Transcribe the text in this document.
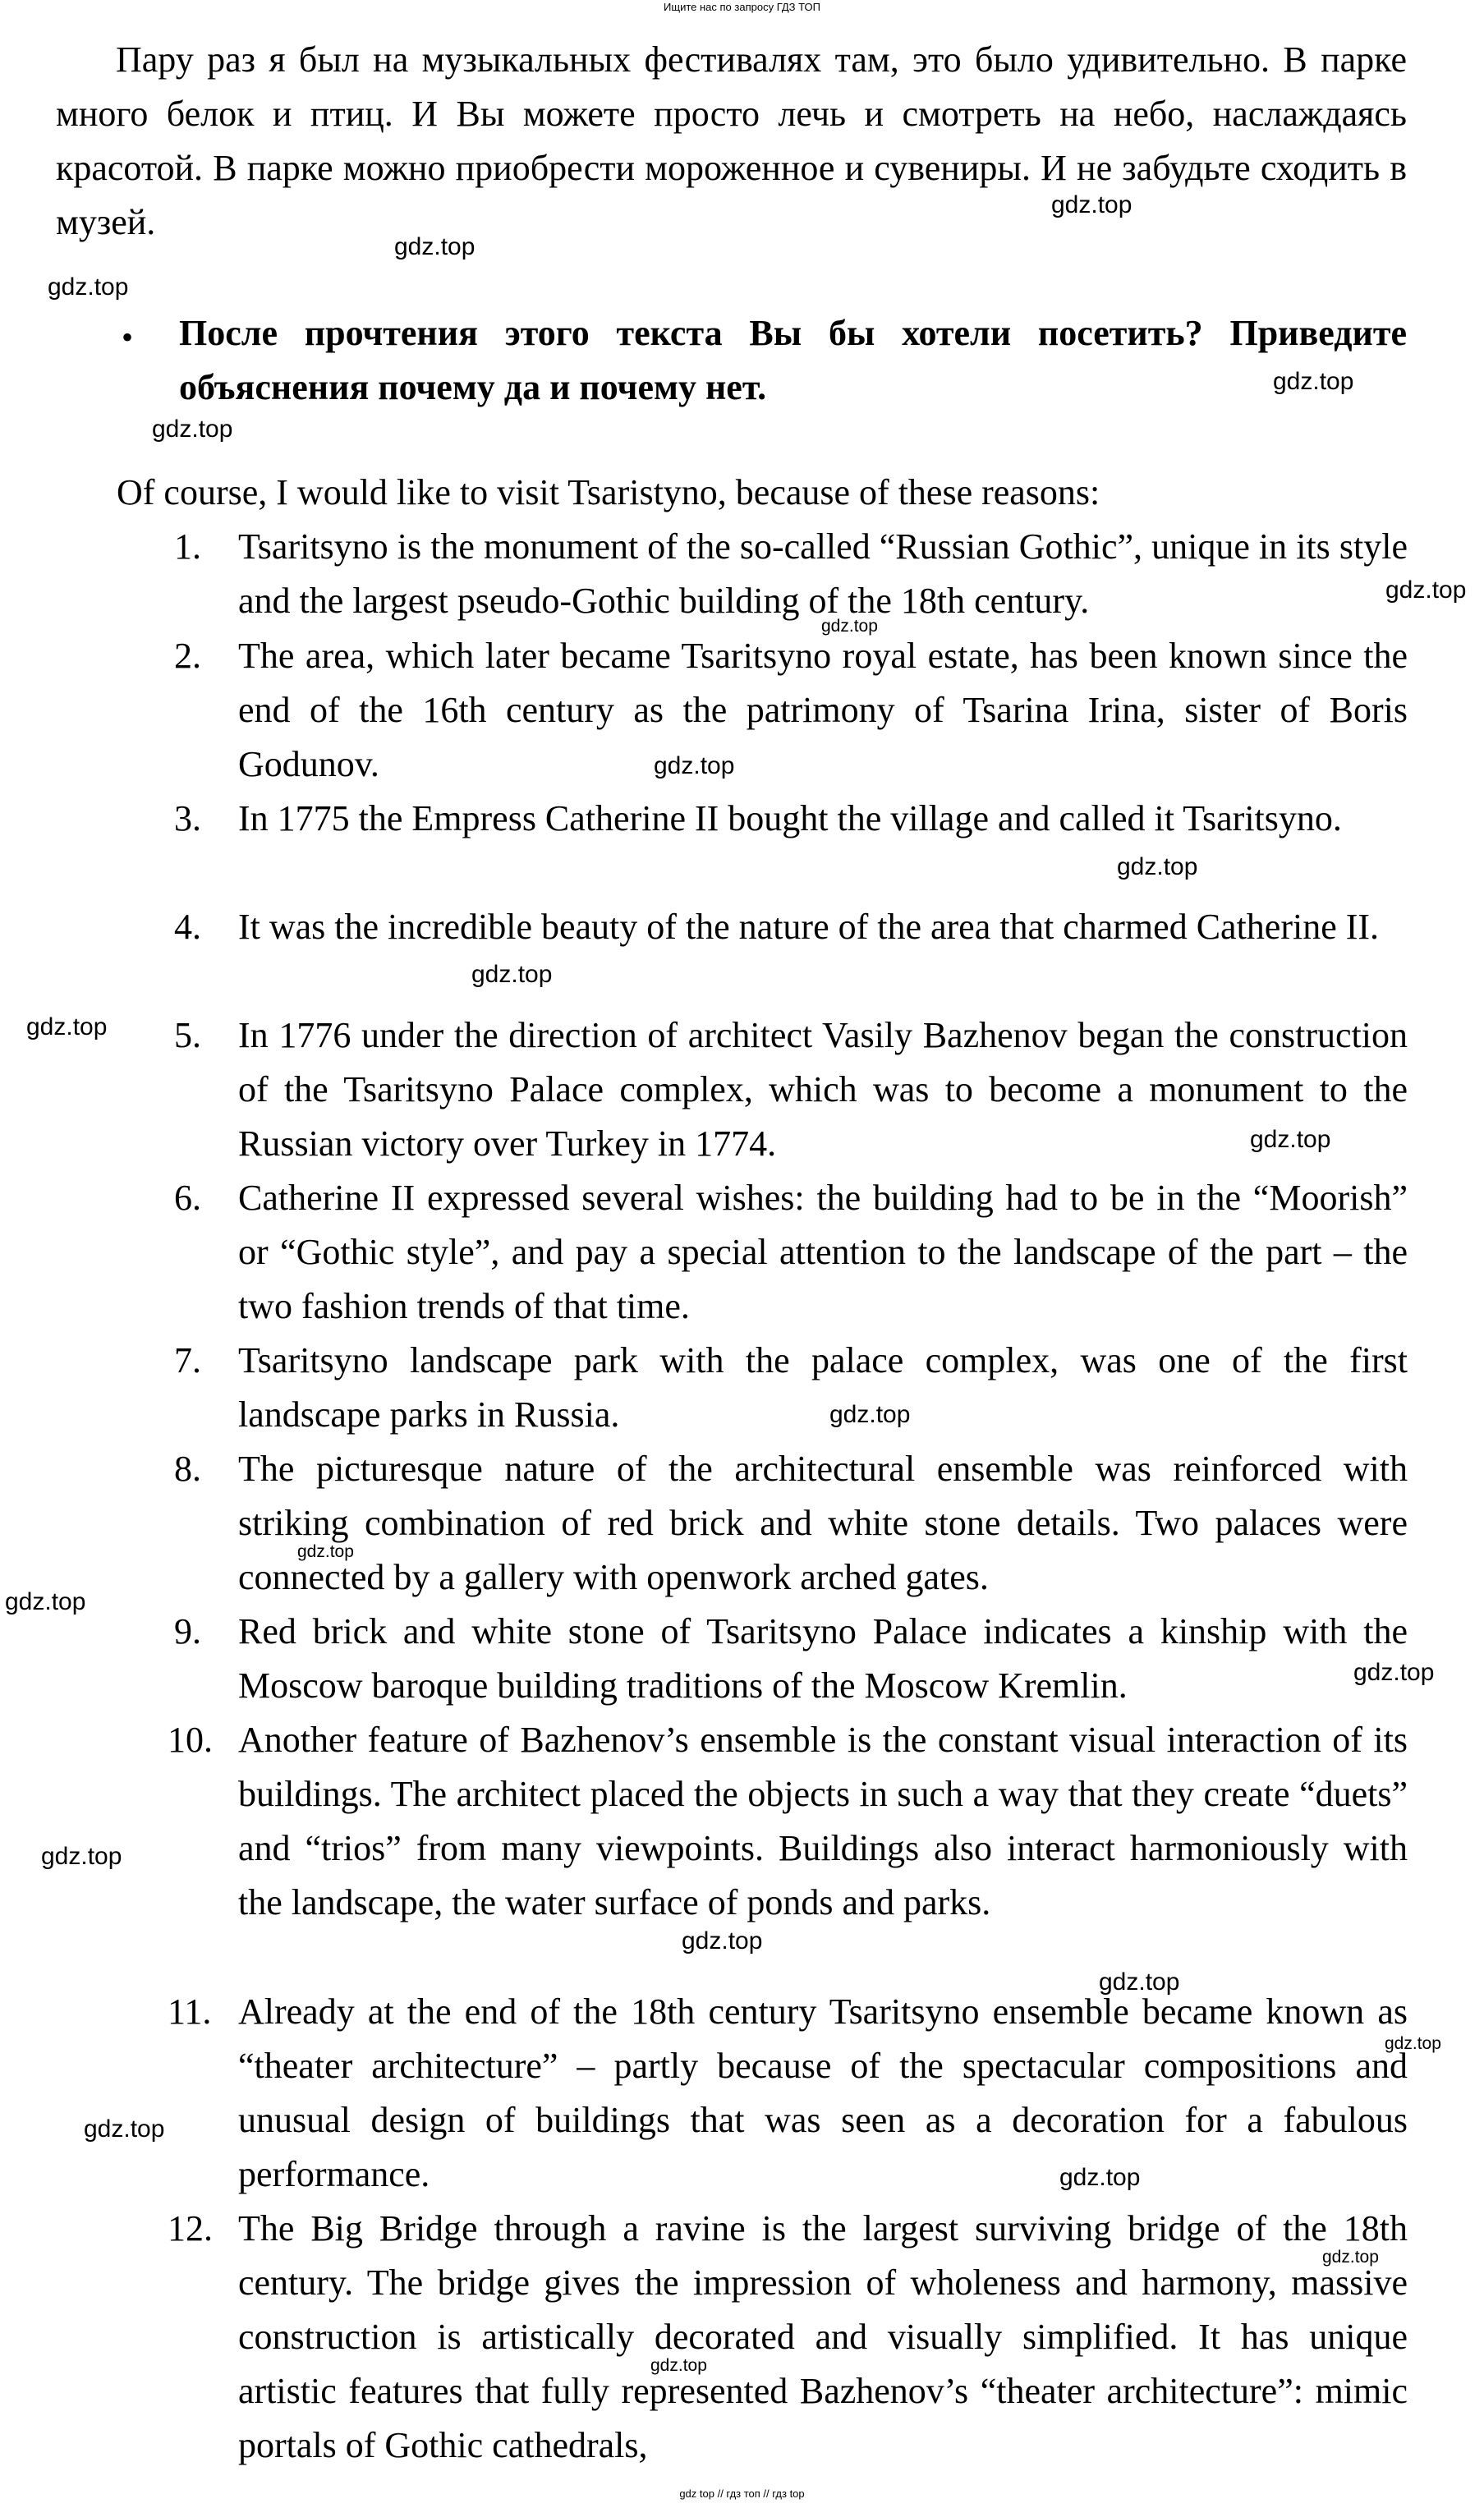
Ищите нас по запросу ГДЗ ТОП

Пару раз я был на музыкальных фестивалях там, это было удивительно. В парке много белок и птиц. И Вы можете просто лечь и смотреть на небо, наслаждаясь красотой. В парке можно приобрести мороженное и сувениры. И не забудьте сходить в музей.

• После прочтения этого текста Вы бы хотели посетить? Приведите объяснения почему да и почему нет.
Of course, I would like to visit Tsaristyno, because of these reasons:
1. Tsaritsyno is the monument of the so-called “Russian Gothic”, unique in its style and the largest pseudo-Gothic building of the 18th century.
2. The area, which later became Tsaritsyno royal estate, has been known since the end of the 16th century as the patrimony of Tsarina Irina, sister of Boris Godunov.
3. In 1775 the Empress Catherine II bought the village and called it Tsaritsyno.
4. It was the incredible beauty of the nature of the area that charmed Catherine II.
5. In 1776 under the direction of architect Vasily Bazhenov began the construction of the Tsaritsyno Palace complex, which was to become a monument to the Russian victory over Turkey in 1774.
6. Catherine II expressed several wishes: the building had to be in the “Moorish” or “Gothic style”, and pay a special attention to the landscape of the part – the two fashion trends of that time.
7. Tsaritsyno landscape park with the palace complex, was one of the first landscape parks in Russia.
8. The picturesque nature of the architectural ensemble was reinforced with striking combination of red brick and white stone details. Two palaces were connected by a gallery with openwork arched gates.
9. Red brick and white stone of Tsaritsyno Palace indicates a kinship with the Moscow baroque building traditions of the Moscow Kremlin.
10. Another feature of Bazhenov’s ensemble is the constant visual interaction of its buildings. The architect placed the objects in such a way that they create “duets” and “trios” from many viewpoints. Buildings also interact harmoniously with the landscape, the water surface of ponds and parks.
11. Already at the end of the 18th century Tsaritsyno ensemble became known as “theater architecture” – partly because of the spectacular compositions and unusual design of buildings that was seen as a decoration for a fabulous performance.
12. The Big Bridge through a ravine is the largest surviving bridge of the 18th century. The bridge gives the impression of wholeness and harmony, massive construction is artistically decorated and visually simplified. It has unique artistic features that fully represented Bazhenov’s “theater architecture”: mimic portals of Gothic cathedrals,
gdz.top
gdz.top
gdz.top
gdz.top
gdz.top
gdz.top
gdz.top
gdz.top
gdz.top
gdz.top
gdz.top
gdz.top
gdz.top
gdz.top
gdz.top
gdz.top
gdz.top
gdz.top
gdz.top
gdz.top
gdz.top
gdz.top
gdz.top
gdz.top
gdz top // гдз топ // гдз top
